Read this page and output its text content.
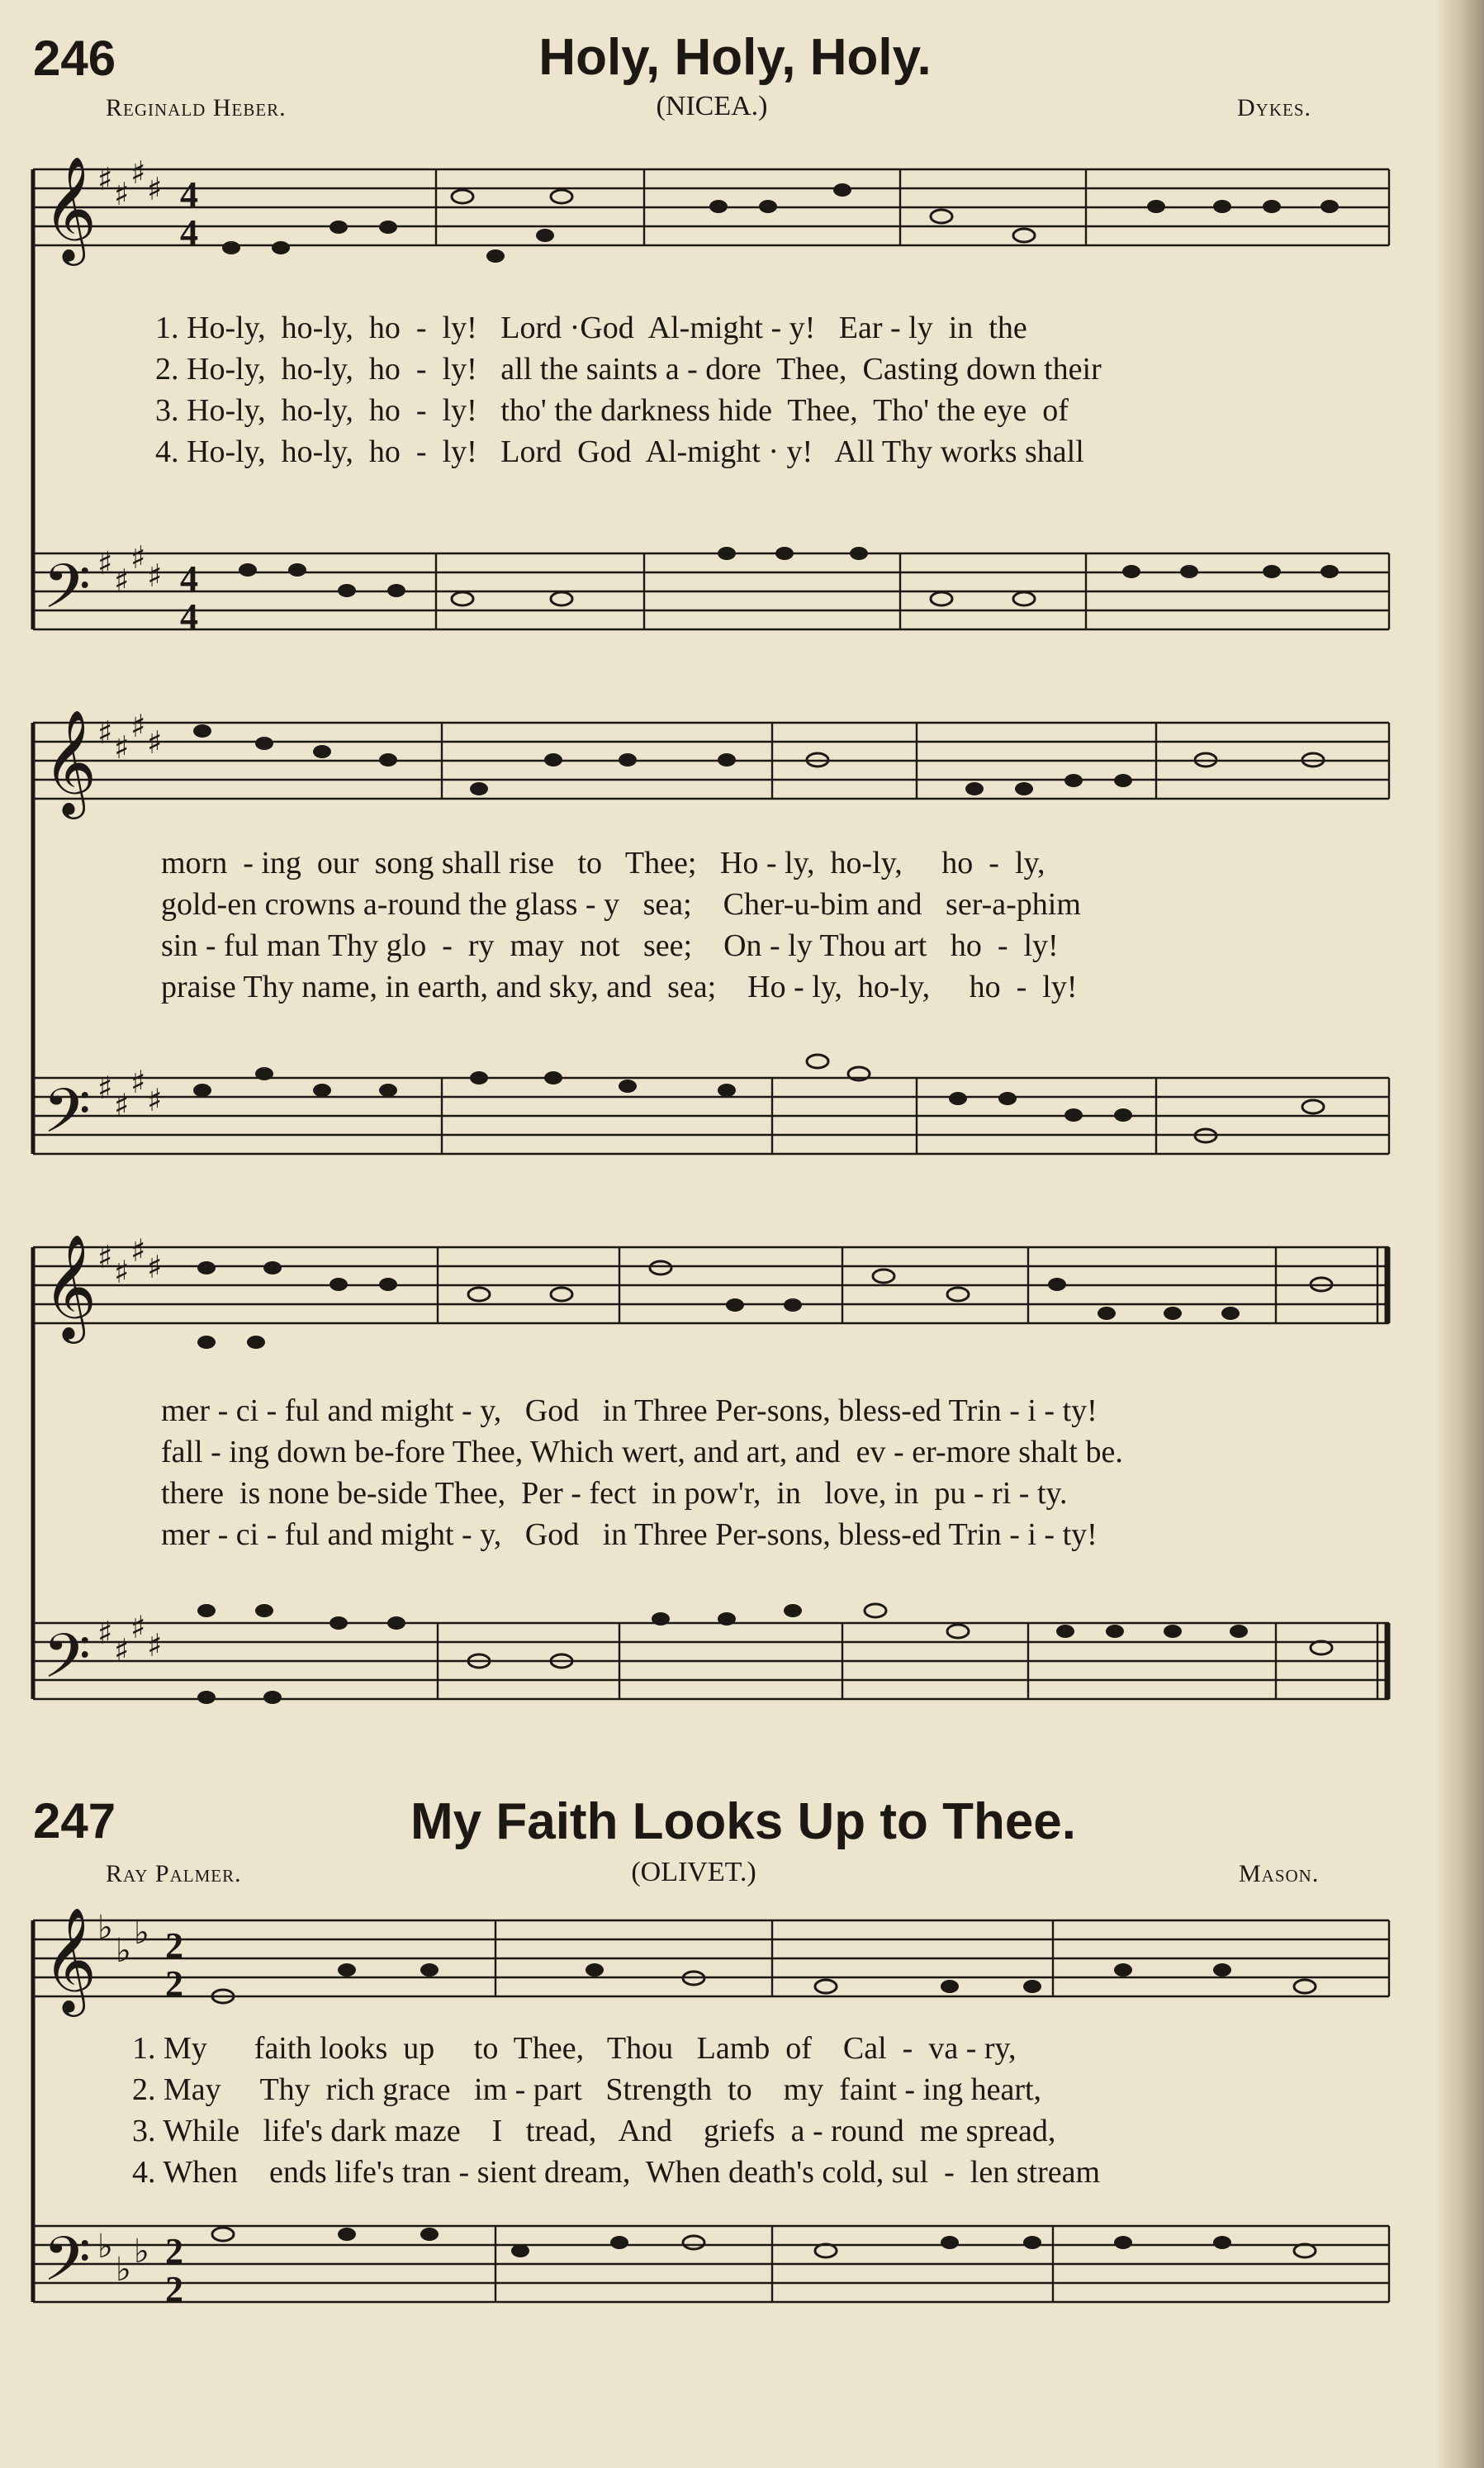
246	Holy, Holy, Holy.
Reginald Heber.	(NICEA.)	Dykes.
𝄞
𝄢
♯ ♯
♯ ♯
♯ ♯
♯ ♯
4
4
4
4
1. Ho-ly,  ho-ly,  ho  -  ly!   Lord ·God  Al-might - y!   Ear - ly  in  the
2. Ho-ly,  ho-ly,  ho  -  ly!   all the saints a - dore  Thee,  Casting down their
3. Ho-ly,  ho-ly,  ho  -  ly!   tho' the darkness hide  Thee,  Tho' the eye  of
4. Ho-ly,  ho-ly,  ho  -  ly!   Lord  God  Al-might · y!   All Thy works shall
𝄞
𝄢
♯ ♯
♯ ♯
♯ ♯
♯ ♯
morn  - ing  our  song shall rise   to   Thee;   Ho - ly,  ho-ly,     ho  -  ly,
gold-en crowns a-round the glass - y   sea;    Cher-u-bim and   ser-a-phim
sin - ful man Thy glo  -  ry  may  not   see;    On - ly Thou art   ho  -  ly!
praise Thy name, in earth, and sky, and  sea;    Ho - ly,  ho-ly,     ho  -  ly!
𝄞
𝄢
♯ ♯
♯ ♯
♯ ♯
♯ ♯
mer - ci - ful and might - y,   God   in Three Per-sons, bless-ed Trin - i - ty!
fall - ing down be-fore Thee, Which wert, and art, and  ev - er-more shalt be.
there  is none be-side Thee,  Per - fect  in pow'r,  in   love, in  pu - ri - ty.
mer - ci - ful and might - y,   God   in Three Per-sons, bless-ed Trin - i - ty!
247	My Faith Looks Up to Thee.
Ray Palmer.	(OLIVET.)	Mason.
𝄞
𝄢
♭
♭ ♭
♭
♭ ♭
2
2
2
2
1. My      faith looks  up     to  Thee,   Thou   Lamb  of    Cal  -  va - ry,
2. May     Thy  rich grace   im - part   Strength  to    my  faint - ing heart,
3. While   life's dark maze    I   tread,   And    griefs  a - round  me spread,
4. When    ends life's tran - sient dream,  When death's cold, sul  -  len stream
